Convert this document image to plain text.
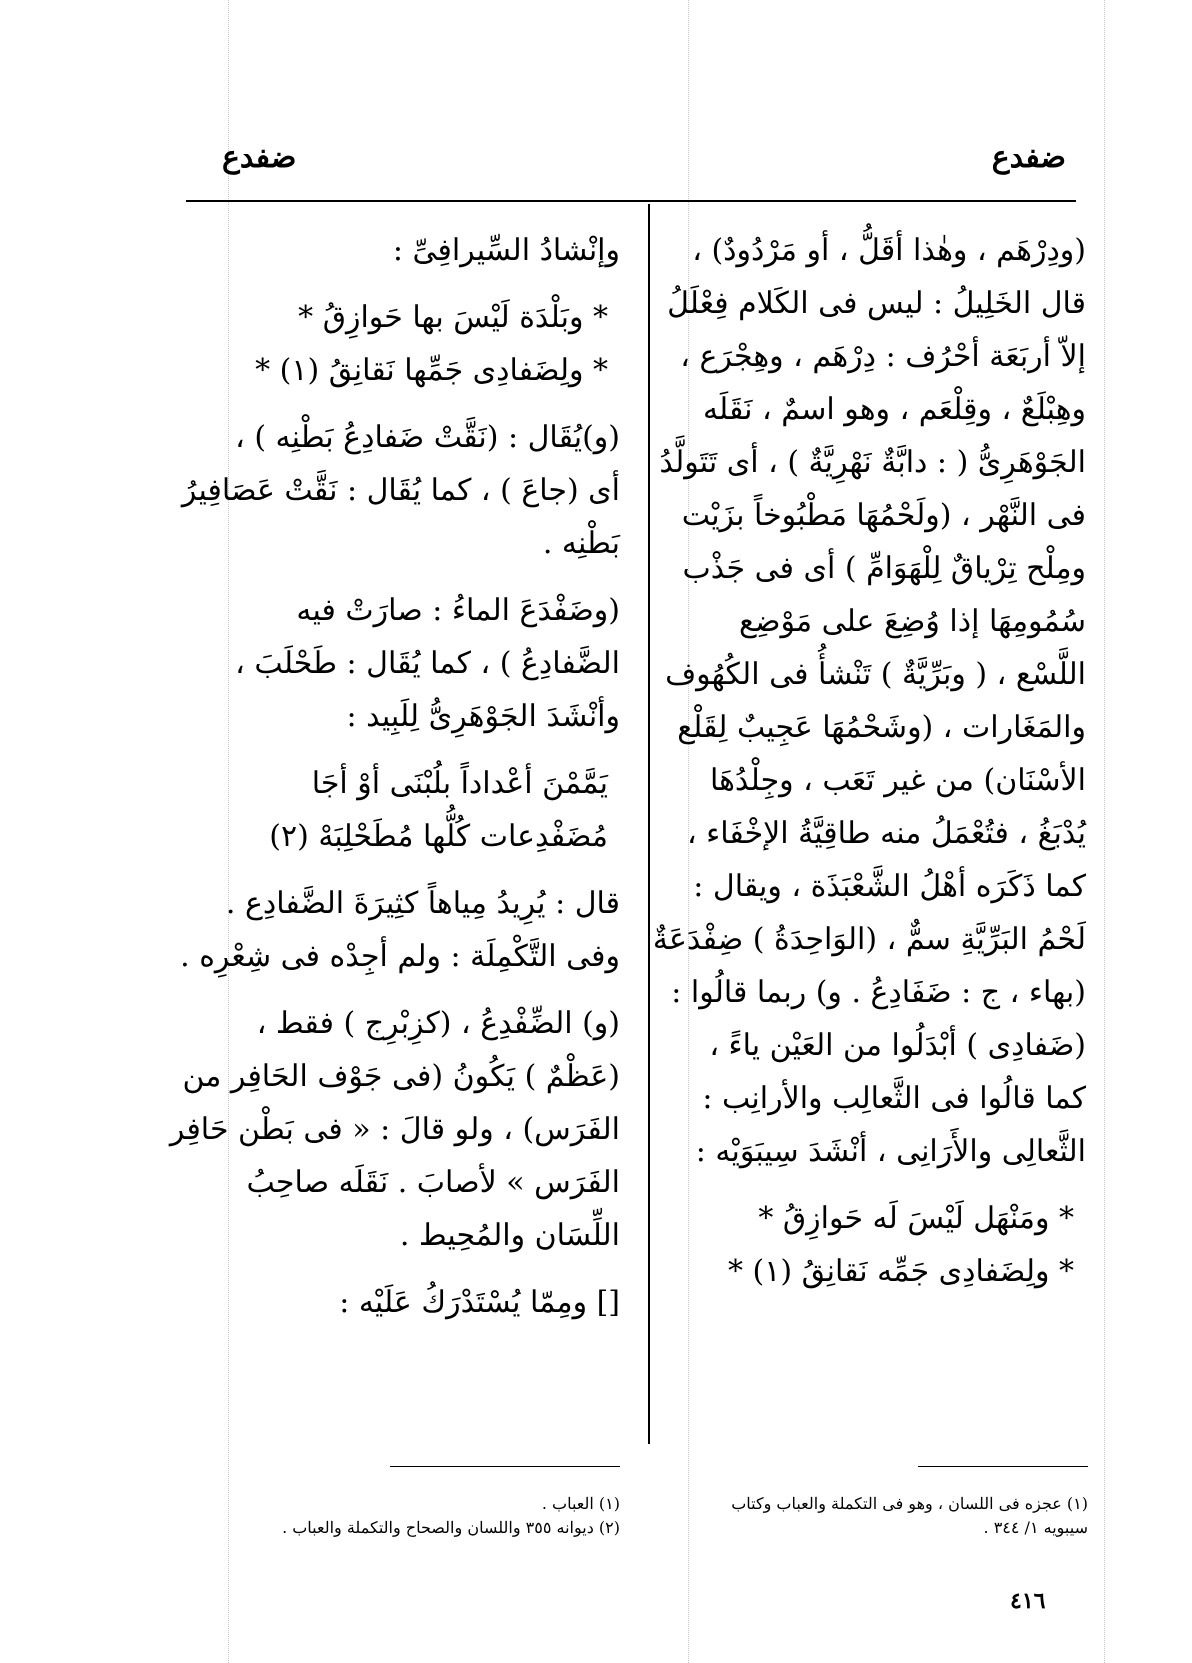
ضفدع
ضفدع
(ودِرْهَم ، وهٰذا أقَلُّ ، أو مَرْدُودٌ) ،
قال الخَلِيلُ : ليس فى الكَلام فِعْلَلُ
إلاّ أربَعَة أحْرُف : دِرْهَم ، وهِجْرَع ،
وهِبْلَعٌ ، وقِلْعَم ، وهو اسمٌ ، نَقَلَه
الجَوْهَرِىُّ ( : دابَّةٌ نَهْرِيَّةٌ ) ، أى تَتَولَّدُ
فى النَّهْر ، (ولَحْمُهَا مَطْبُوخاً بزَيْت
ومِلْح تِرْياقٌ لِلْهَوَامِّ ) أى فى جَذْب
سُمُومِهَا إذا وُضِعَ على مَوْضِع
اللَّسْع ، ( وبَرِّيَّةٌ ) تَنْشأُ فى الكُهُوف
والمَغَارات ، (وشَحْمُهَا عَجِيبٌ لِقَلْع
الأسْنَان) من غير تَعَب ، وجِلْدُهَا
يُدْبَغُ ، فتُعْمَلُ منه طاقِيَّةُ الإخْفَاء ،
كما ذَكَرَه أهْلُ الشَّعْبَذَة ، ويقال :
لَحْمُ البَرِّيَّةِ سمٌّ ، (الوَاحِدَةُ ) ضِفْدَعَةٌ
(بهاء ، ج : ضَفَادِعُ . و) ربما قالُوا :
(ضَفادِى ) أبْدَلُوا من العَيْن ياءً ،
كما قالُوا فى الثَّعالِب والأرانِب :
الثَّعالِى والأَرَانِى ، أنْشَدَ سِيبَوَيْه :
* ومَنْهَل لَيْسَ لَه حَوازِقُ *
* ولِضَفادِى جَمِّه نَقانِقُ (١) *
وإنْشادُ السِّيرافِىِّ :
* وبَلْدَة لَيْسَ بها حَوازِقُ *
* ولِضَفادِى جَمِّها نَقانِقُ (١) *
(و)يُقَال : (نَقَّتْ ضَفادِعُ بَطْنِه ) ،
أى (جاعَ ) ، كما يُقَال : نَقَّتْ عَصَافِيرُ
بَطْنِه .
(وضَفْدَعَ الماءُ : صارَتْ فيه
الضَّفادِعُ ) ، كما يُقَال : طَحْلَبَ ،
وأنْشَدَ الجَوْهَرِىُّ لِلَبِيد :
يَمَّمْنَ أعْداداً بلُبْنَى أوْ أجَا
مُضَفْدِعات كُلُّها مُطَحْلِبَهْ (٢)
قال : يُرِيدُ مِياهاً كثِيرَةَ الضَّفادِع .
وفى التَّكْمِلَة : ولم أجِدْه فى شِعْرِه .
(و) الضِّفْدِعُ ، (كزِبْرِج ) فقط ،
(عَظْمٌ ) يَكُونُ (فى جَوْف الحَافِر من
الفَرَس) ، ولو قالَ : « فى بَطْن حَافِر
الفَرَس » لأصابَ . نَقَلَه صاحِبُ
اللِّسَان والمُحِيط .
[] ومِمّا يُسْتَدْرَكُ عَلَيْه :
(١) عجزه فى اللسان ، وهو فى التكملة والعباب وكتاب
سيبويه ١/ ٣٤٤ .
(١) العباب .
(٢) ديوانه ٣٥٥ واللسان والصحاح والتكملة والعباب .
٤١٦
